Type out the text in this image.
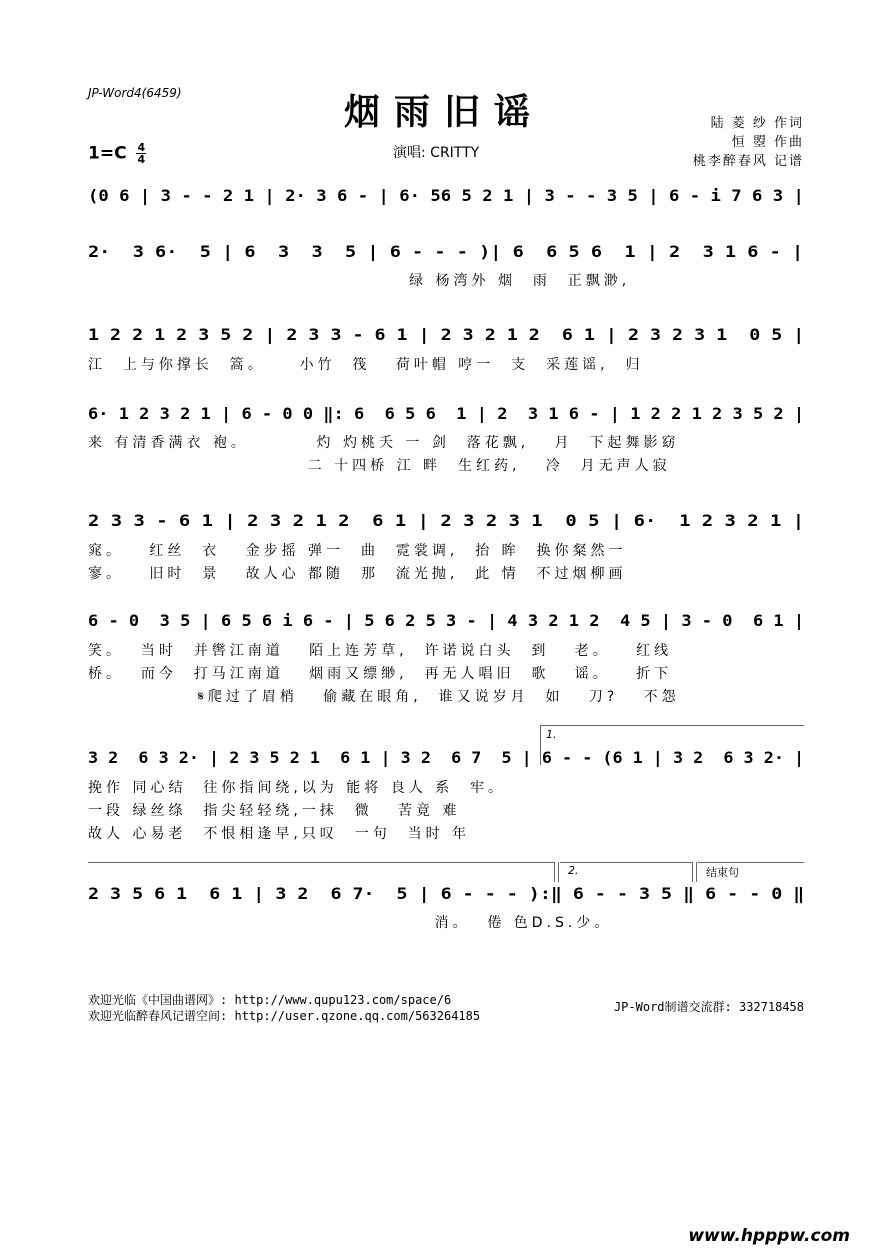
JP-Word4(6459)	烟雨旧谣
$1=C \frac{4}{4}$	演唱: CRITTY
陆 菱 纱 作词
恒 曌 作曲
桃李醉春风 记谱
(0 6 | 3 - - 2 1 | 2· 3 6 - | 6· 56 5 2 1 | 3 - - 3 5 | 6 - i 7 6 3 |
2·  3 6·  5 | 6  3  3  5 | 6 - - - )| 6  6 5 6  1 | 2  3 1 6 - |
绿 杨湾外 烟  雨  正飘渺,
1 2 2 1 2 3 5 2 | 2 3 3 - 6 1 | 2 3 2 1 2  6 1 | 2 3 2 3 1  0 5 |
江  上与你撑长  篙。    小竹  筏   荷叶帽 哼一  支  采莲谣,  归
6· 1 2 3 2 1 | 6 - 0 0 ‖: 6  6 5 6  1 | 2  3 1 6 - | 1 2 2 1 2 3 5 2 |
来 有清香满衣 袍。        灼 灼桃夭 一 剑  落花飘,   月  下起舞影窈
二 十四桥 江 畔  生红药,   冷  月无声人寂
2 3 3 - 6 1 | 2 3 2 1 2  6 1 | 2 3 2 3 1  0 5 | 6·  1 2 3 2 1 |
窕。   红丝  衣   金步摇 弹一  曲  霓裳调,  抬 眸  换你粲然一
寥。   旧时  景   故人心 都随  那  流光抛,  此 情  不过烟柳画
6 - 0  3 5 | 6 5 6 i 6 - | 5 6 2 5 3 - | 4 3 2 1 2  4 5 | 3 - 0  6 1 |
笑。  当时  并辔江南道   陌上连芳草,  许诺说白头  到   老。   红线
桥。  而今  打马江南道   烟雨又缥缈,  再无人唱旧  歌   谣。   折下
𝄋爬过了眉梢   偷藏在眼角,  谁又说岁月  如   刀?   不怨
1.
3 2  6 3 2· | 2 3 5 2 1  6 1 | 3 2  6 7  5 | 6 - - (6 1 | 3 2  6 3 2· |
挽作 同心结  往你指间绕,以为 能将 良人 系  牢。
一段 绿丝绦  指尖轻轻绕,一抹  微   苦竟 难
故人 心易老  不恨相逢早,只叹  一句  当时 年
2.	结束句
2 3 5 6 1  6 1 | 3 2  6 7·  5 | 6 - - - ):‖ 6 - - 3 5 ‖ 6 - - 0 ‖
消。  倦 色D.S.少。
欢迎光临《中国曲谱网》: http://www.qupu123.com/space/6
欢迎光临醉春风记谱空间: http://user.qzone.qq.com/563264185
JP-Word制谱交流群: 332718458
www.hpppw.com
